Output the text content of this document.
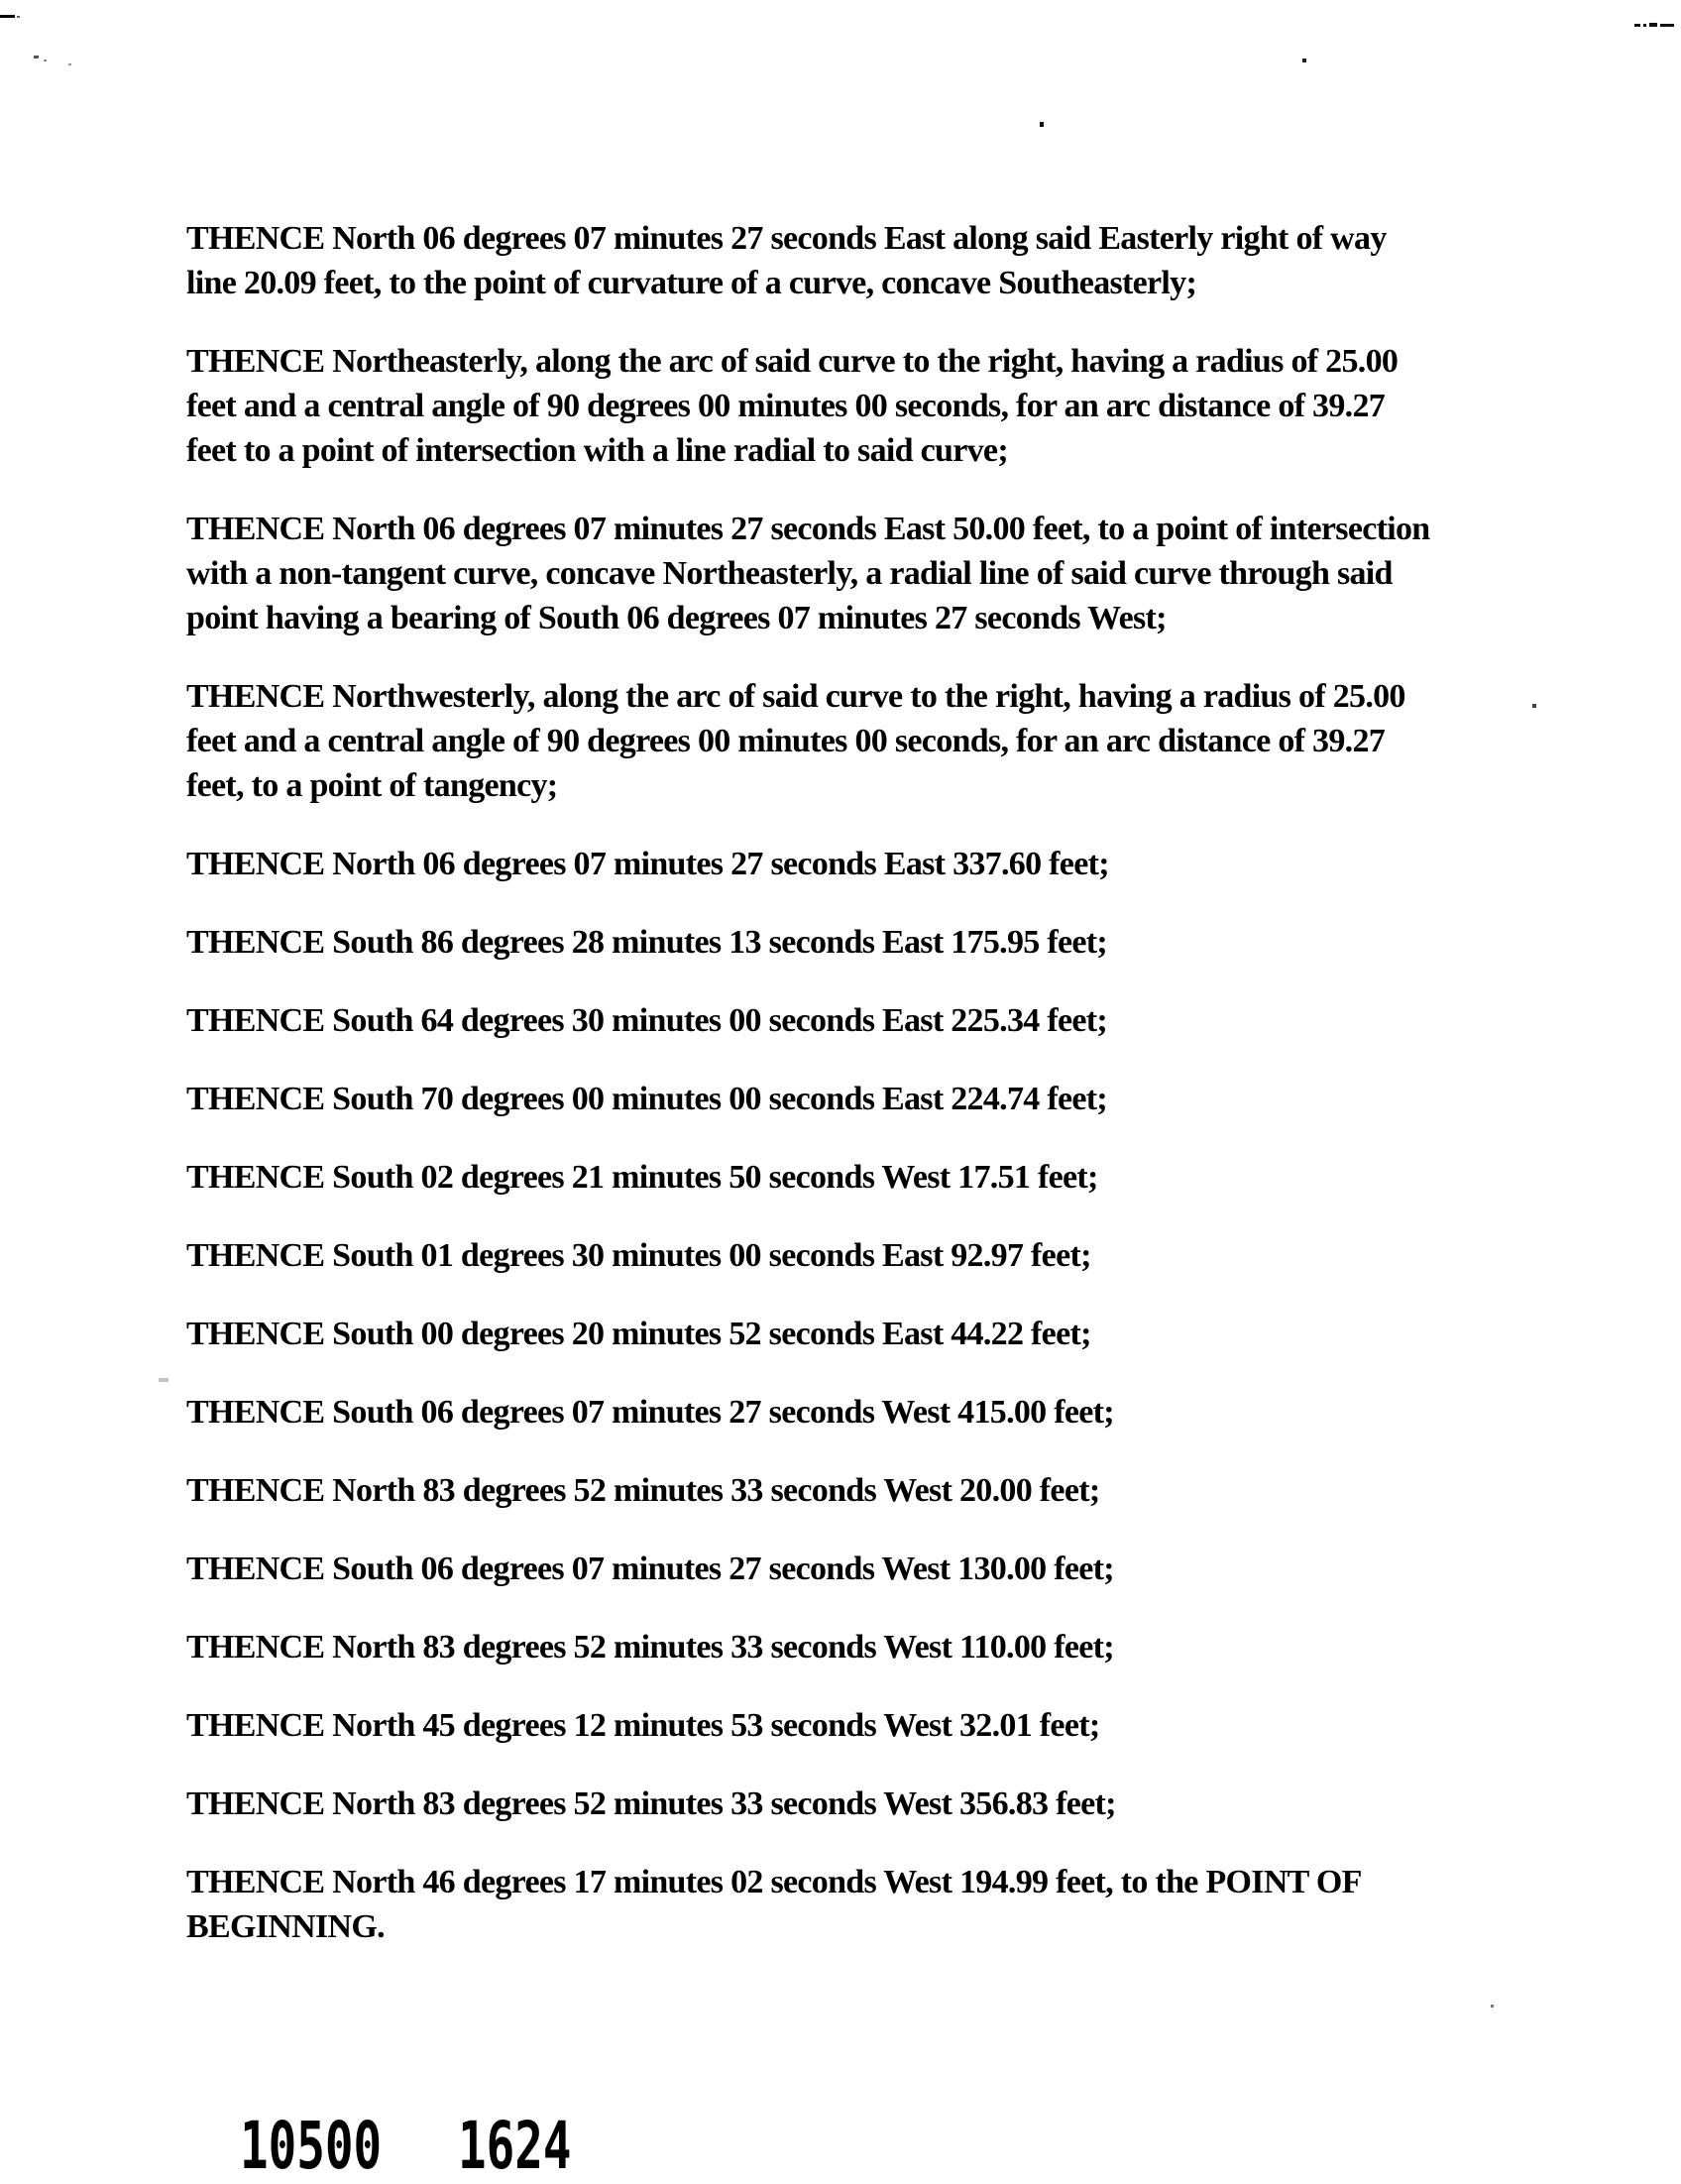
THENCE North 06 degrees 07 minutes 27 seconds East along said Easterly right of way
line 20.09 feet, to the point of curvature of a curve, concave Southeasterly;
THENCE Northeasterly, along the arc of said curve to the right, having a radius of 25.00
feet and a central angle of 90 degrees 00 minutes 00 seconds, for an arc distance of 39.27
feet to a point of intersection with a line radial to said curve;
THENCE North 06 degrees 07 minutes 27 seconds East 50.00 feet, to a point of intersection
with a non-tangent curve, concave Northeasterly, a radial line of said curve through said
point having a bearing of South 06 degrees 07 minutes 27 seconds West;
THENCE Northwesterly, along the arc of said curve to the right, having a radius of 25.00
feet and a central angle of 90 degrees 00 minutes 00 seconds, for an arc distance of 39.27
feet, to a point of tangency;
THENCE North 06 degrees 07 minutes 27 seconds East 337.60 feet;
THENCE South 86 degrees 28 minutes 13 seconds East 175.95 feet;
THENCE South 64 degrees 30 minutes 00 seconds East 225.34 feet;
THENCE South 70 degrees 00 minutes 00 seconds East 224.74 feet;
THENCE South 02 degrees 21 minutes 50 seconds West 17.51 feet;
THENCE South 01 degrees 30 minutes 00 seconds East 92.97 feet;
THENCE South 00 degrees 20 minutes 52 seconds East 44.22 feet;
THENCE South 06 degrees 07 minutes 27 seconds West 415.00 feet;
THENCE North 83 degrees 52 minutes 33 seconds West 20.00 feet;
THENCE South 06 degrees 07 minutes 27 seconds West 130.00 feet;
THENCE North 83 degrees 52 minutes 33 seconds West 110.00 feet;
THENCE North 45 degrees 12 minutes 53 seconds West 32.01 feet;
THENCE North 83 degrees 52 minutes 33 seconds West 356.83 feet;
THENCE North 46 degrees 17 minutes 02 seconds West 194.99 feet, to the POINT OF
BEGINNING.
10500 1624
